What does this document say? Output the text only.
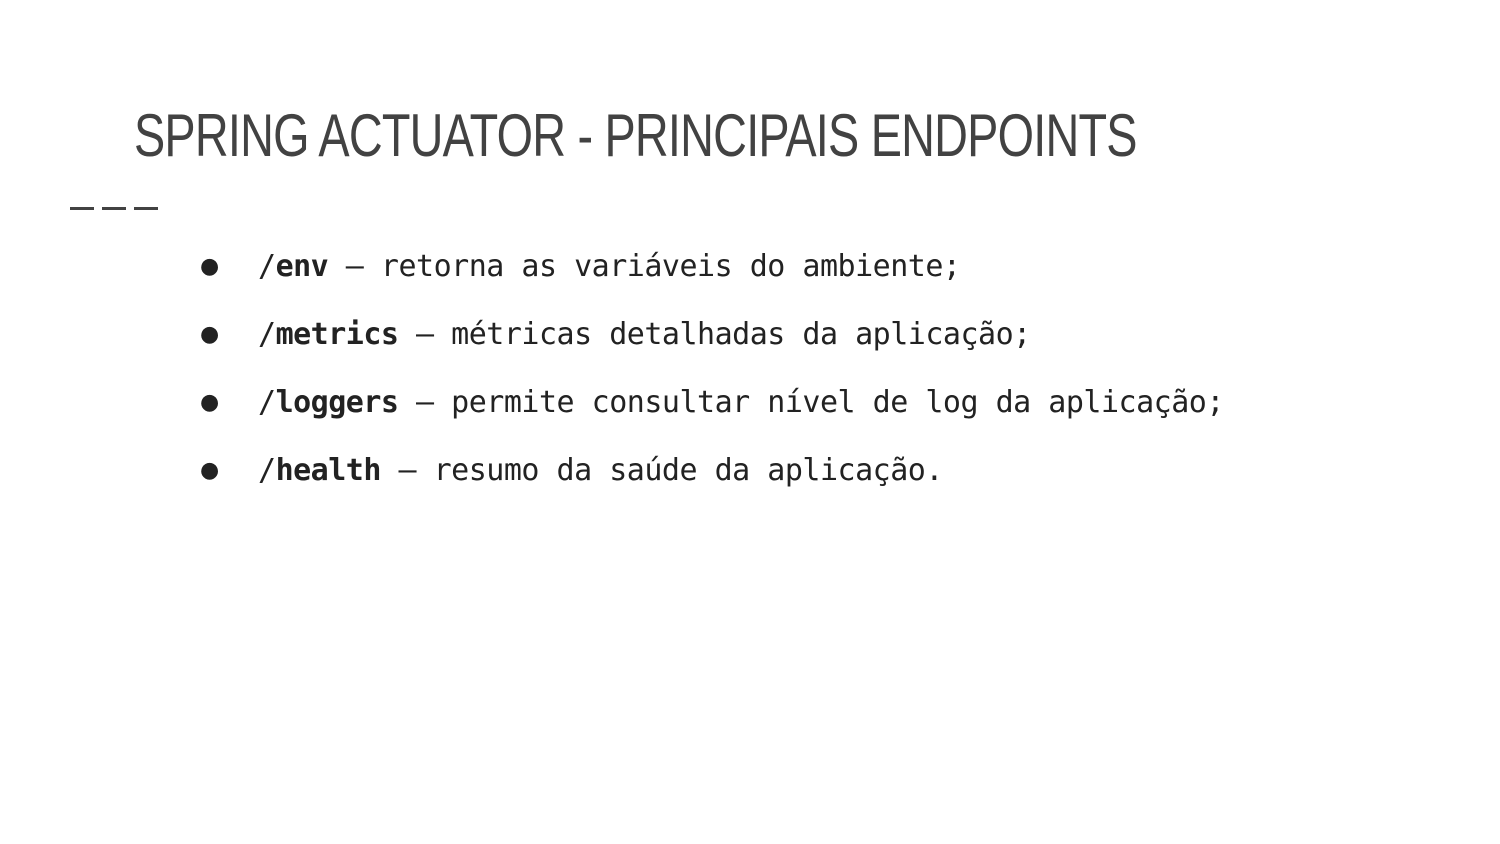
SPRING ACTUATOR - PRINCIPAIS ENDPOINTS
●	/env – retorna as variáveis do ambiente;
●	/metrics – métricas detalhadas da aplicação;
●	/loggers – permite consultar nível de log da aplicação;
●	/health – resumo da saúde da aplicação.
